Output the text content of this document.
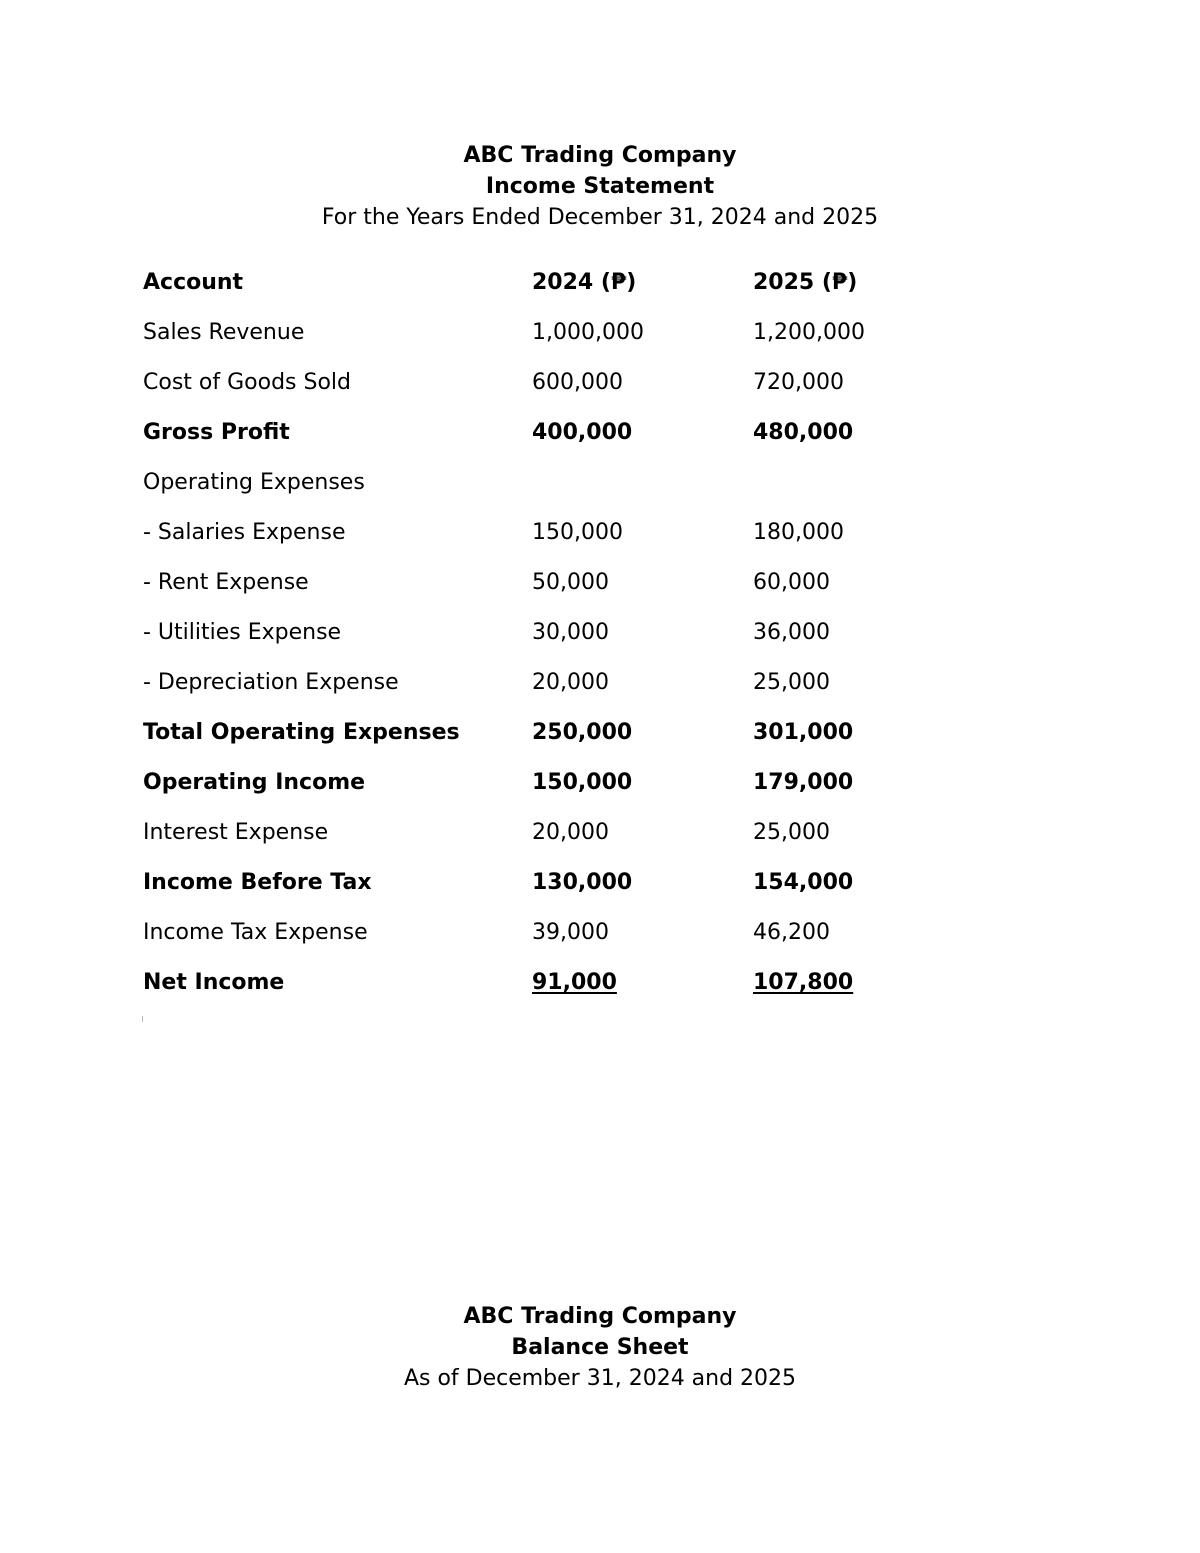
ABC Trading Company
Income Statement
For the Years Ended December 31, 2024 and 2025
Account	2024 (₱)	2025 (₱)
Sales Revenue	1,000,000	1,200,000
Cost of Goods Sold	600,000	720,000
Gross Profit	400,000	480,000
Operating Expenses
- Salaries Expense	150,000	180,000
- Rent Expense	50,000	60,000
- Utilities Expense	30,000	36,000
- Depreciation Expense	20,000	25,000
Total Operating Expenses	250,000	301,000
Operating Income	150,000	179,000
Interest Expense	20,000	25,000
Income Before Tax	130,000	154,000
Income Tax Expense	39,000	46,200
Net Income	91,000	107,800
ABC Trading Company
Balance Sheet
As of December 31, 2024 and 2025
